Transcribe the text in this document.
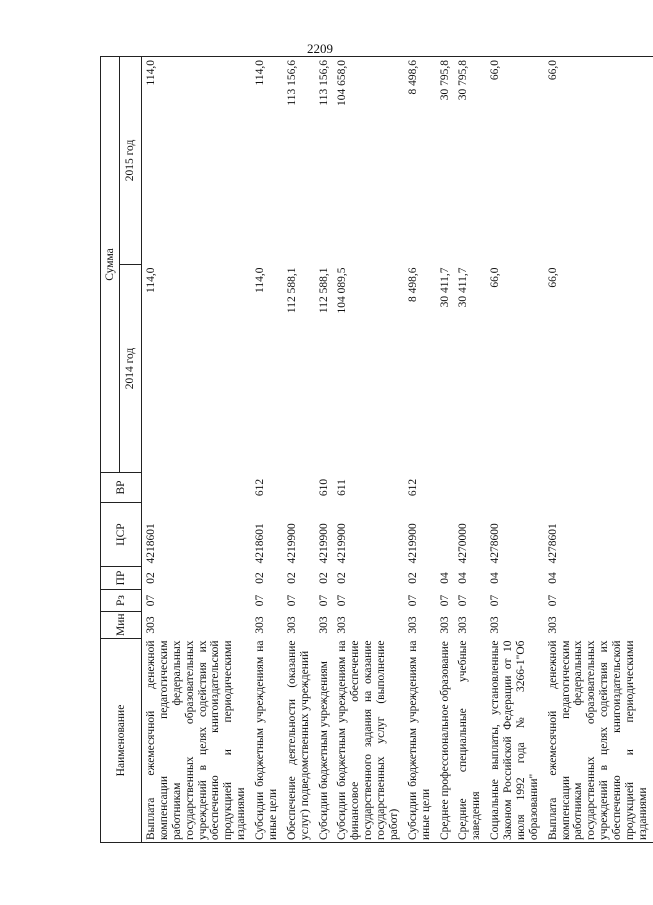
2209
Наименование	Мин	Рз	ПР	ЦСР	ВР	Сумма	
						2014 год	2015 год
Выплата ежемесячной денежной компенсации педагогическим работникам федеральных государственных образовательных учреждений в целях содействия их обеспечению книгоиздательской продукцией и периодическими изданиями	303	07	02	4218601		114,0	114,0
Субсидии бюджетным учреждениям на иные цели	303	07	02	4218601	612	114,0	114,0
Обеспечение деятельности (оказание услуг) подведомственных учреждений	303	07	02	4219900		112 588,1	113 156,6
Субсидии бюджетным учреждениям	303	07	02	4219900	610	112 588,1	113 156,6
Субсидии бюджетным учреждениям на финансовое обеспечение государственного задания на оказание государственных услуг (выполнение работ)	303	07	02	4219900	611	104 089,5	104 658,0
Субсидии бюджетным учреждениям на иные цели	303	07	02	4219900	612	8 498,6	8 498,6
Среднее профессиональное образование	303	07	04			30 411,7	30 795,8
Средние специальные учебные заведения	303	07	04	4270000		30 411,7	30 795,8
Социальные выплаты, установленные Законом Российской Федерации от 10 июля 1992 года № 3266-1"Об образовании"	303	07	04	4278600		66,0	66,0
Выплата ежемесячной денежной компенсации педагогическим работникам федеральных государственных образовательных учреждений в целях содействия их обеспечению книгоиздательской продукцией и периодическими изданиями	303	07	04	4278601		66,0	66,0
